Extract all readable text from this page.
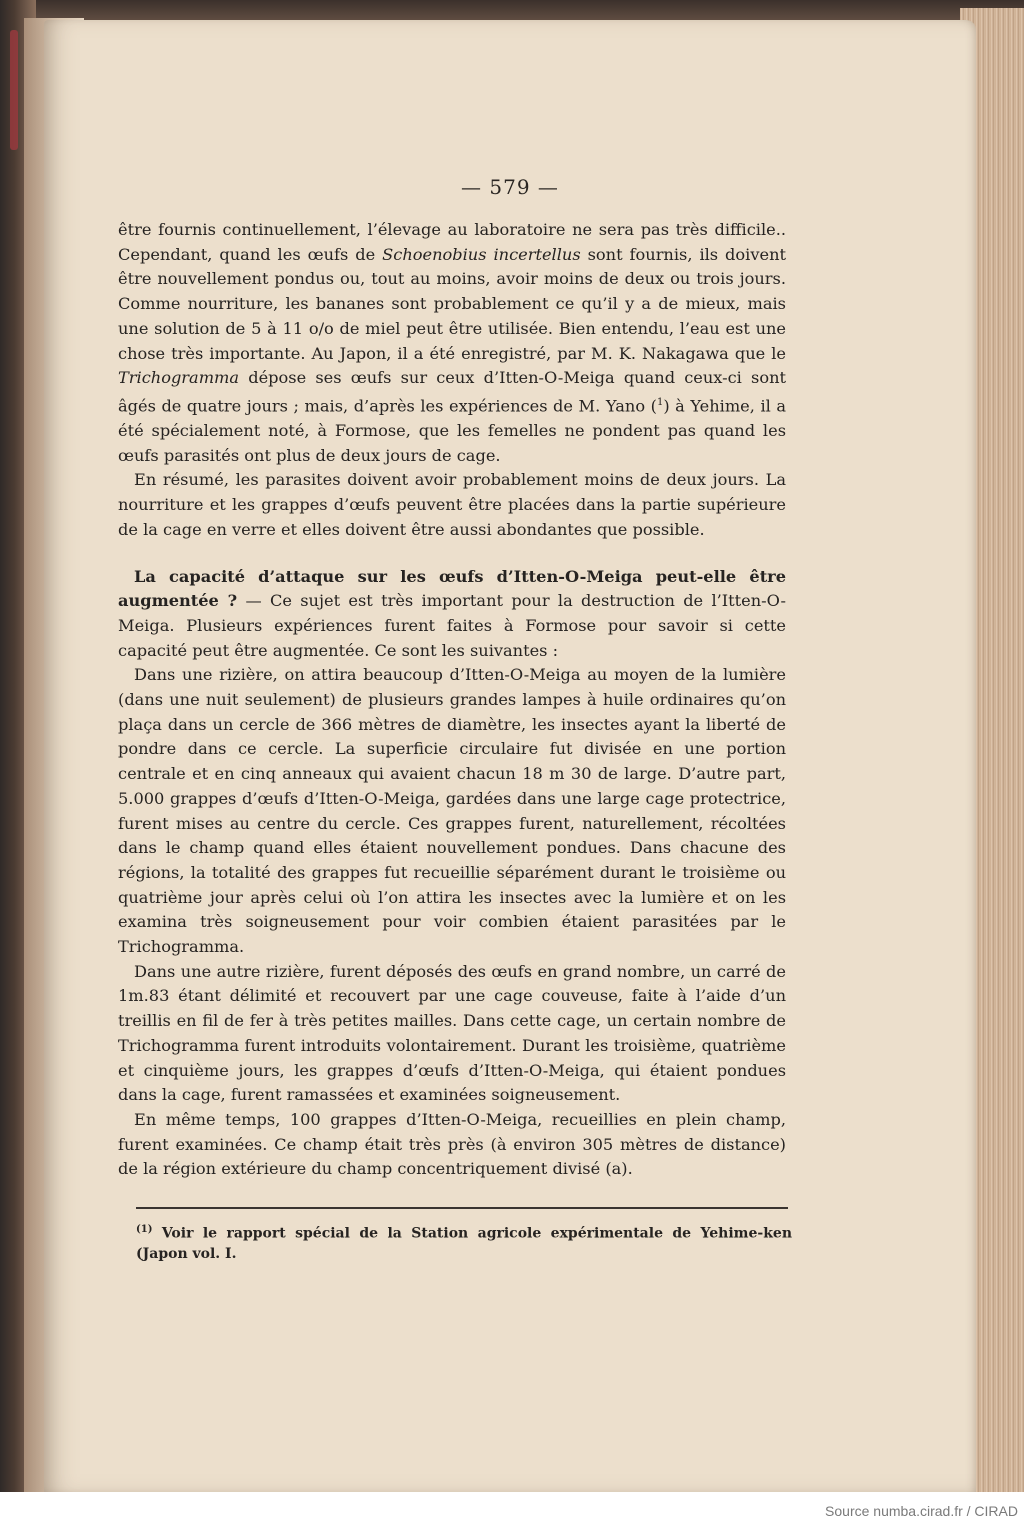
— 579 —

être fournis continuellement, l’élevage au laboratoire ne sera pas très difficile.. Cependant, quand les œufs de Schoenobius incertellus sont fournis, ils doivent être nouvellement pondus ou, tout au moins, avoir moins de deux ou trois jours. Comme nourriture, les bananes sont probablement ce qu’il y a de mieux, mais une solution de 5 à 11 o/o de miel peut être utilisée. Bien entendu, l’eau est une chose très importante. Au Japon, il a été enregistré, par M. K. Nakagawa que le Trichogramma dépose ses œufs sur ceux d’Itten-O-Meiga quand ceux-ci sont âgés de quatre jours ; mais, d’après les expériences de M. Yano ($^1$) à Yehime, il a été spécialement noté, à Formose, que les femelles ne pondent pas quand les œufs parasités ont plus de deux jours de cage.

En résumé, les parasites doivent avoir probablement moins de deux jours. La nourriture et les grappes d’œufs peuvent être placées dans la partie supérieure de la cage en verre et elles doivent être aussi abondantes que possible.

La capacité d’attaque sur les œufs d’Itten-O-Meiga peut-elle être augmentée ? — Ce sujet est très important pour la destruction de l’Itten-O-Meiga. Plusieurs expériences furent faites à Formose pour savoir si cette capacité peut être augmentée. Ce sont les suivantes :

Dans une rizière, on attira beaucoup d’Itten-O-Meiga au moyen de la lumière (dans une nuit seulement) de plusieurs grandes lampes à huile ordinaires qu’on plaça dans un cercle de 366 mètres de diamètre, les insectes ayant la liberté de pondre dans ce cercle. La superficie circulaire fut divisée en une portion centrale et en cinq anneaux qui avaient chacun 18 m 30 de large. D’autre part, 5.000 grappes d’œufs d’Itten-O-Meiga, gardées dans une large cage protectrice, furent mises au centre du cercle. Ces grappes furent, naturellement, récoltées dans le champ quand elles étaient nouvellement pondues. Dans chacune des régions, la totalité des grappes fut recueillie séparément durant le troisième ou quatrième jour après celui où l’on attira les insectes avec la lumière et on les examina très soigneusement pour voir combien étaient parasitées par le Trichogramma.

Dans une autre rizière, furent déposés des œufs en grand nombre, un carré de 1m.83 étant délimité et recouvert par une cage couveuse, faite à l’aide d’un treillis en fil de fer à très petites mailles. Dans cette cage, un certain nombre de Trichogramma furent introduits volontairement. Durant les troisième, quatrième et cinquième jours, les grappes d’œufs d’Itten-O-Meiga, qui étaient pondues dans la cage, furent ramassées et examinées soigneusement.

En même temps, 100 grappes d’Itten-O-Meiga, recueillies en plein champ, furent examinées. Ce champ était très près (à environ 305 mètres de distance) de la région extérieure du champ concentriquement divisé (a).

$^{(1)}$ Voir le rapport spécial de la Station agricole expérimentale de Yehime-ken (Japon vol. I.
Source numba.cirad.fr / CIRAD
